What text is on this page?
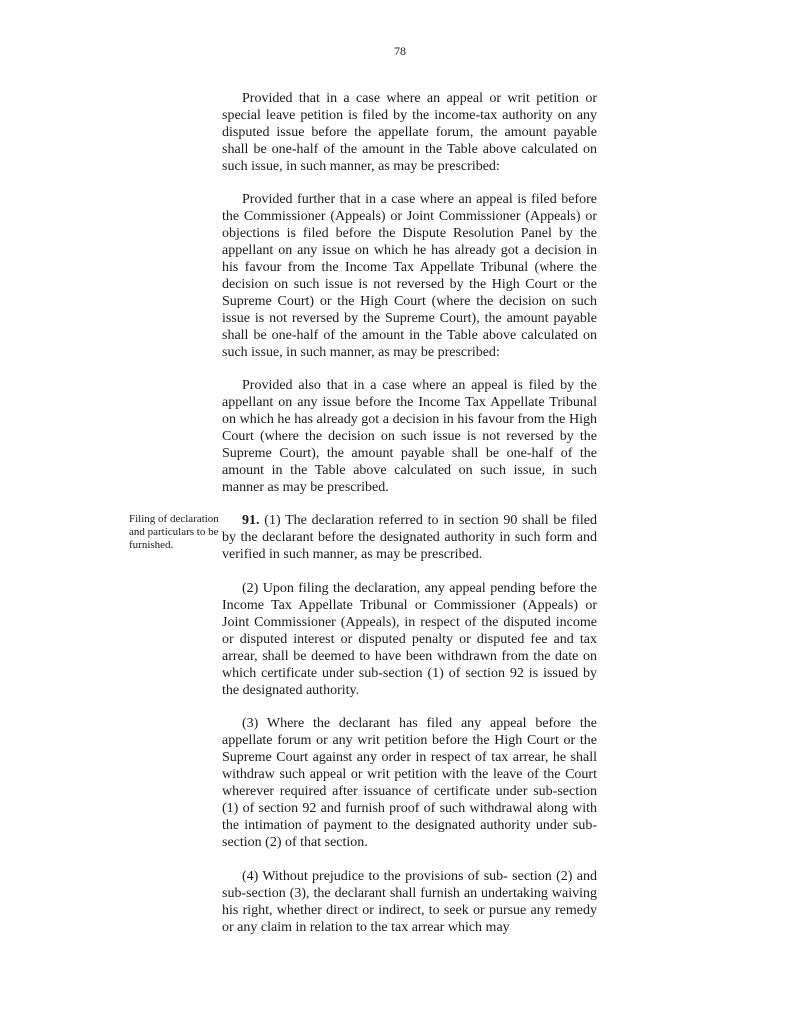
78

Provided that in a case where an appeal or writ petition or special leave petition is filed by the income-tax authority on any disputed issue before the appellate forum, the amount payable shall be one-half of the amount in the Table above calculated on such issue, in such manner, as may be prescribed:

Provided further that in a case where an appeal is filed before the Commissioner (Appeals) or Joint Commissioner (Appeals) or objections is filed before the Dispute Resolution Panel by the appellant on any issue on which he has already got a decision in his favour from the Income Tax Appellate Tribunal (where the decision on such issue is not reversed by the High Court or the Supreme Court) or the High Court (where the decision on such issue is not reversed by the Supreme Court), the amount payable shall be one-half of the amount in the Table above calculated on such issue, in such manner, as may be prescribed:

Provided also that in a case where an appeal is filed by the appellant on any issue before the Income Tax Appellate Tribunal on which he has already got a decision in his favour from the High Court (where the decision on such issue is not reversed by the Supreme Court), the amount payable shall be one-half of the amount in the Table above calculated on such issue, in such manner as may be prescribed.

Filing of declaration and particulars to be furnished.

91. (1) The declaration referred to in section 90 shall be filed by the declarant before the designated authority in such form and verified in such manner, as may be prescribed.

(2) Upon filing the declaration, any appeal pending before the Income Tax Appellate Tribunal or Commissioner (Appeals) or Joint Commissioner (Appeals), in respect of the disputed income or disputed interest or disputed penalty or disputed fee and tax arrear, shall be deemed to have been withdrawn from the date on which certificate under sub-section (1) of section 92 is issued by the designated authority.

(3) Where the declarant has filed any appeal before the appellate forum or any writ petition before the High Court or the Supreme Court against any order in respect of tax arrear, he shall withdraw such appeal or writ petition with the leave of the Court wherever required after issuance of certificate under sub-section (1) of section 92 and furnish proof of such withdrawal along with the intimation of payment to the designated authority under sub- section (2) of that section.

(4) Without prejudice to the provisions of sub- section (2) and sub-section (3), the declarant shall furnish an undertaking waiving his right, whether direct or indirect, to seek or pursue any remedy or any claim in relation to the tax arrear which may
